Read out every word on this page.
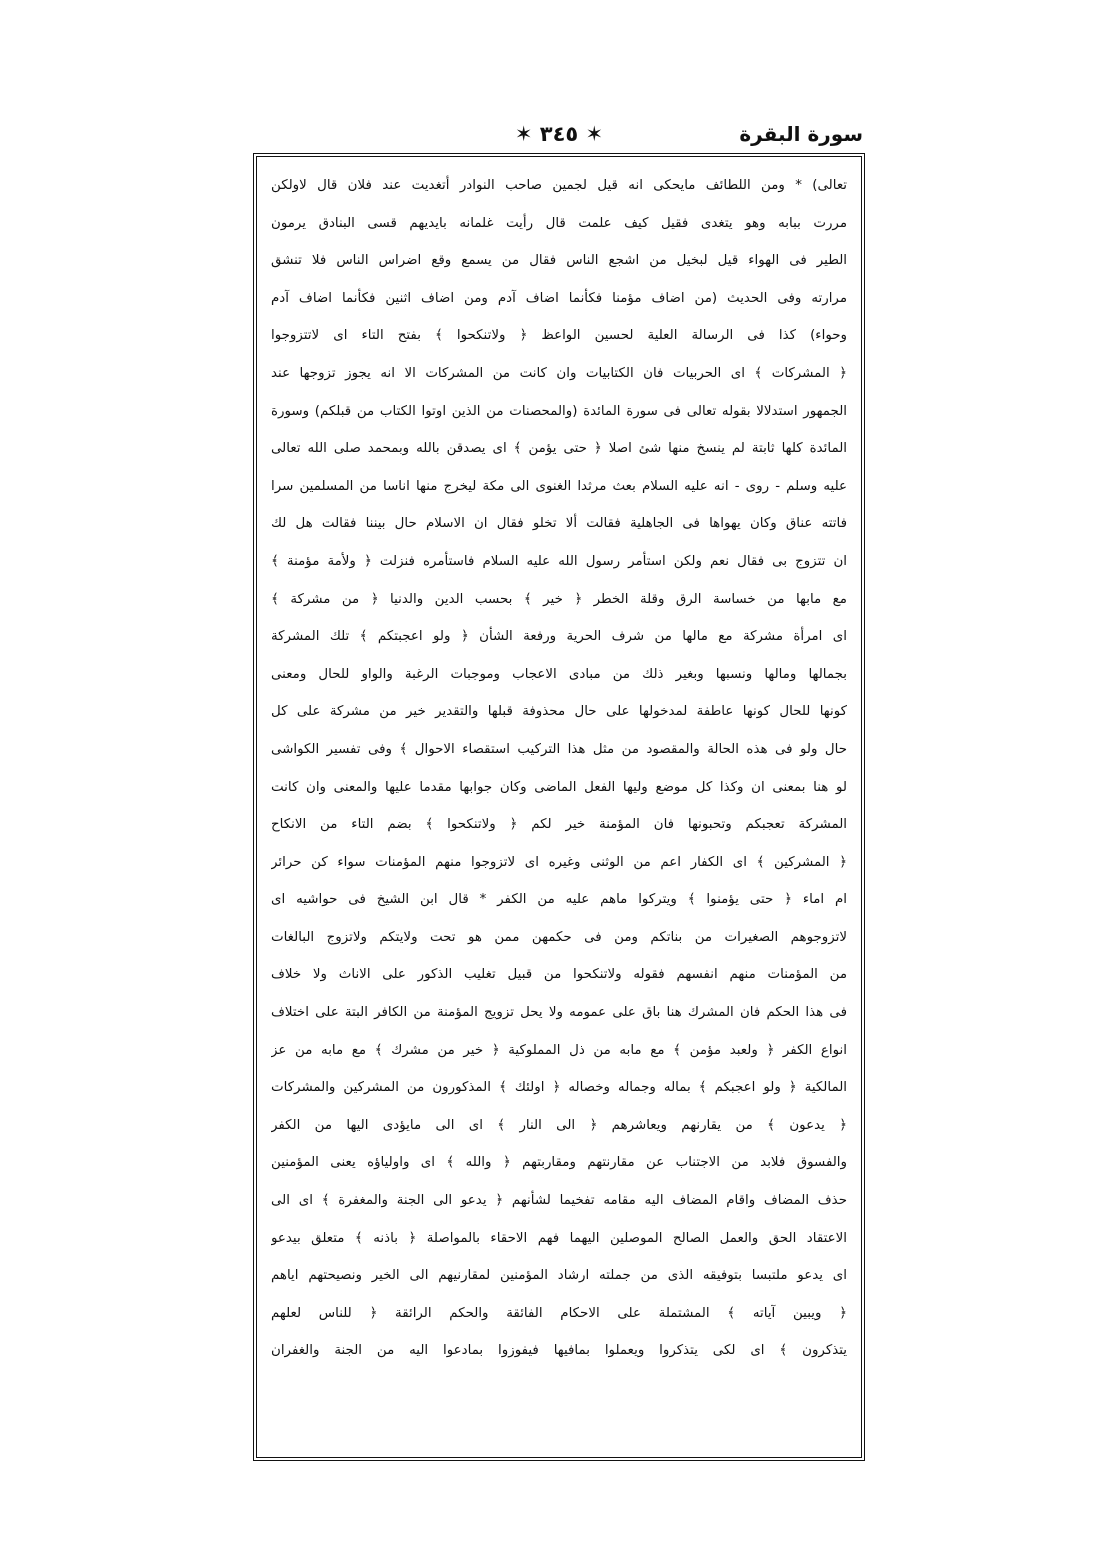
✶ ٣٤٥ ✶	سورة البقرة
تعالى) * ومن اللطائف مايحكى انه قيل لجمين صاحب النوادر أتغديت عند فلان قال لاولكن
مررت ببابه وهو يتغدى فقيل كيف علمت قال رأيت غلمانه بايديهم قسى البنادق يرمون
الطير فى الهواء قيل لبخيل من اشجع الناس فقال من يسمع وقع اضراس الناس فلا تنشق
مرارته وفى الحديث (من اضاف مؤمنا فكأنما اضاف آدم ومن اضاف اثنين فكأنما اضاف آدم
وحواء) كذا فى الرسالة العلية لحسين الواعظ ﴿ ولاتنكحوا ﴾ بفتح التاء اى لاتتزوجوا
﴿ المشركات ﴾ اى الحربيات فان الكتابيات وان كانت من المشركات الا انه يجوز تزوجها عند
الجمهور استدلالا بقوله تعالى فى سورة المائدة (والمحصنات من الذين اوتوا الكتاب من قبلكم) وسورة
المائدة كلها ثابتة لم ينسخ منها شئ اصلا ﴿ حتى يؤمن ﴾ اى يصدقن بالله وبمحمد صلى الله تعالى
عليه وسلم - روى - انه عليه السلام بعث مرثدا الغنوى الى مكة ليخرج منها اناسا من المسلمين سرا
فاتته عناق وكان يهواها فى الجاهلية فقالت ألا تخلو فقال ان الاسلام حال بيننا فقالت هل لك
ان تتزوج بى فقال نعم ولكن استأمر رسول الله عليه السلام فاستأمره فنزلت ﴿ ولأمة مؤمنة ﴾
مع مابها من خساسة الرق وقلة الخطر ﴿ خير ﴾ بحسب الدين والدنيا ﴿ من مشركة ﴾
اى امرأة مشركة مع مالها من شرف الحرية ورفعة الشأن ﴿ ولو اعجبتكم ﴾ تلك المشركة
بجمالها ومالها ونسبها وبغير ذلك من مبادى الاعجاب وموجبات الرغبة والواو للحال ومعنى
كونها للحال كونها عاطفة لمدخولها على حال محذوفة قبلها والتقدير خير من مشركة على كل
حال ولو فى هذه الحالة والمقصود من مثل هذا التركيب استقصاء الاحوال ﴾ وفى تفسير الكواشى
لو هنا بمعنى ان وكذا كل موضع وليها الفعل الماضى وكان جوابها مقدما عليها والمعنى وان كانت
المشركة تعجبكم وتحبونها فان المؤمنة خير لكم ﴿ ولاتنكحوا ﴾ بضم التاء من الانكاح
﴿ المشركين ﴾ اى الكفار اعم من الوثنى وغيره اى لاتزوجوا منهم المؤمنات سواء كن حرائر
ام اماء ﴿ حتى يؤمنوا ﴾ ويتركوا ماهم عليه من الكفر * قال ابن الشيخ فى حواشيه اى
لاتزوجوهم الصغيرات من بناتكم ومن فى حكمهن ممن هو تحت ولايتكم ولاتزوج البالغات
من المؤمنات منهم انفسهم فقوله ولاتنكحوا من قبيل تغليب الذكور على الاناث ولا خلاف
فى هذا الحكم فان المشرك هنا باق على عمومه ولا يحل تزويج المؤمنة من الكافر البتة على اختلاف
انواع الكفر ﴿ ولعبد مؤمن ﴾ مع مابه من ذل المملوكية ﴿ خير من مشرك ﴾ مع مابه من عز
المالكية ﴿ ولو اعجبكم ﴾ بماله وجماله وخصاله ﴿ اولئك ﴾ المذكورون من المشركين والمشركات
﴿ يدعون ﴾ من يقارنهم ويعاشرهم ﴿ الى النار ﴾ اى الى مايؤدى اليها من الكفر
والفسوق فلابد من الاجتناب عن مقارنتهم ومقاربتهم ﴿ والله ﴾ اى واولياؤه يعنى المؤمنين
حذف المضاف واقام المضاف اليه مقامه تفخيما لشأنهم ﴿ يدعو الى الجنة والمغفرة ﴾ اى الى
الاعتقاد الحق والعمل الصالح الموصلين اليهما فهم الاحقاء بالمواصلة ﴿ باذنه ﴾ متعلق بيدعو
اى يدعو ملتبسا بتوفيقه الذى من جملته ارشاد المؤمنين لمقارنيهم الى الخير ونصيحتهم اياهم
﴿ ويبين آياته ﴾ المشتملة على الاحكام الفائقة والحكم الرائقة ﴿ للناس لعلهم
يتذكرون ﴾ اى لكى يتذكروا ويعملوا بمافيها فيفوزوا بمادعوا اليه من الجنة والغفران
